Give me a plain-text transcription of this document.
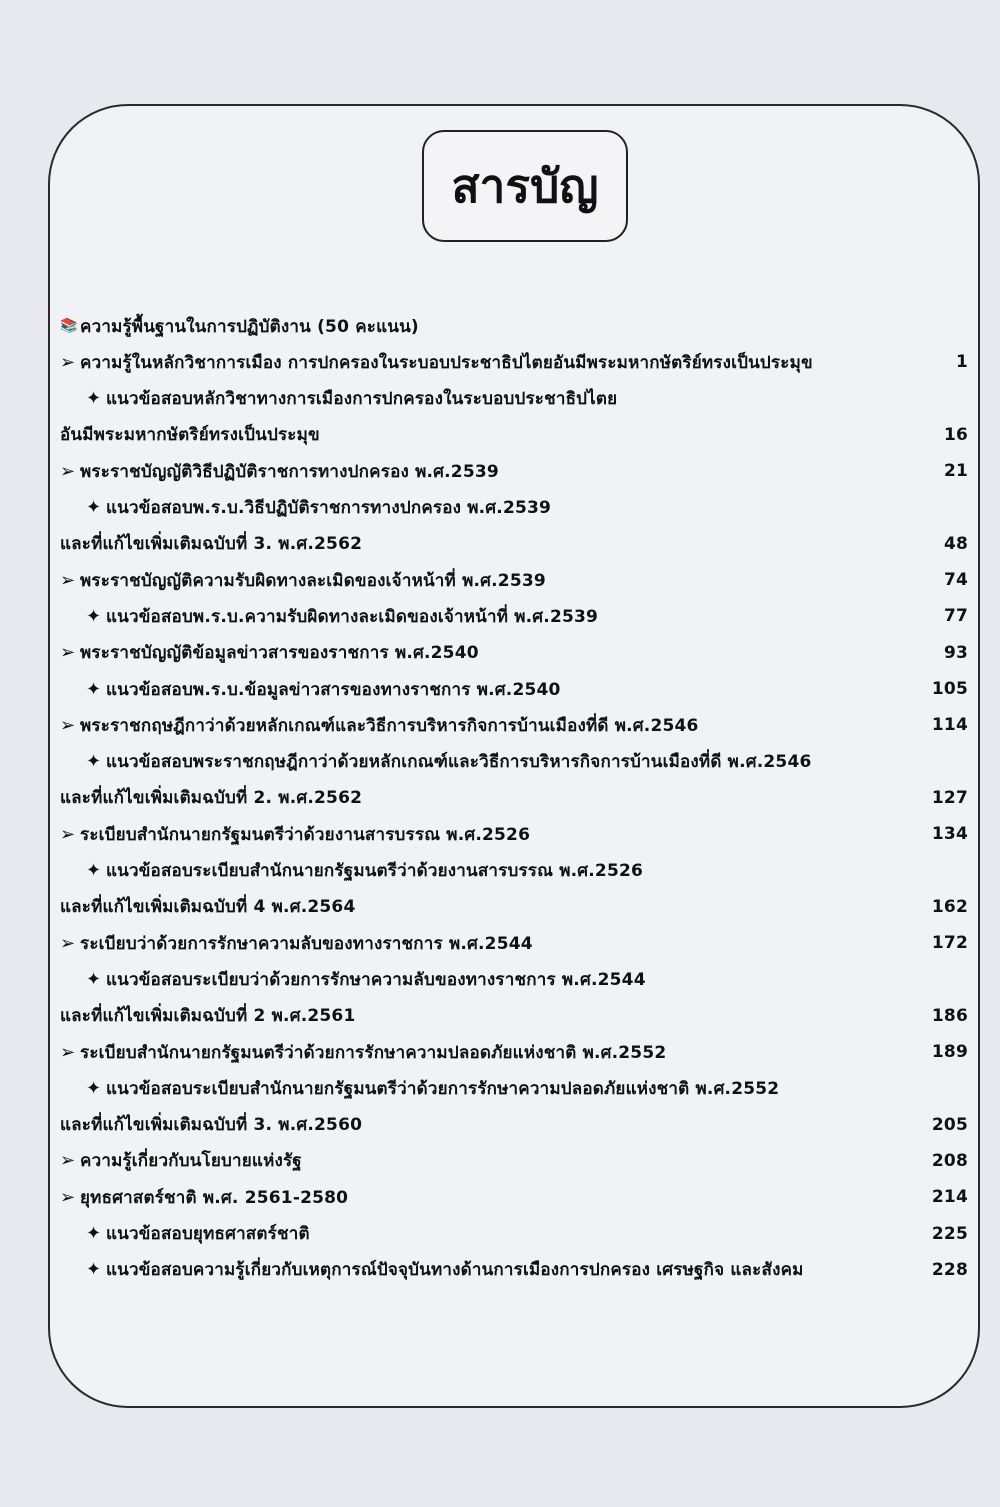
สารบัญ
📚 ความรู้พื้นฐานในการปฏิบัติงาน (50 คะแนน)
➢ ความรู้ในหลักวิชาการเมือง การปกครองในระบอบประชาธิปไตยอันมีพระมหากษัตริย์ทรงเป็นประมุข	1
✦ แนวข้อสอบหลักวิชาทางการเมืองการปกครองในระบอบประชาธิปไตย
อันมีพระมหากษัตริย์ทรงเป็นประมุข	16
➢ พระราชบัญญัติวิธีปฏิบัติราชการทางปกครอง พ.ศ.2539	21
✦ แนวข้อสอบพ.ร.บ.วิธีปฏิบัติราชการทางปกครอง พ.ศ.2539
และที่แก้ไขเพิ่มเติมฉบับที่ 3. พ.ศ.2562	48
➢ พระราชบัญญัติความรับผิดทางละเมิดของเจ้าหน้าที่ พ.ศ.2539	74
✦ แนวข้อสอบพ.ร.บ.ความรับผิดทางละเมิดของเจ้าหน้าที่ พ.ศ.2539	77
➢ พระราชบัญญัติข้อมูลข่าวสารของราชการ พ.ศ.2540	93
✦ แนวข้อสอบพ.ร.บ.ข้อมูลข่าวสารของทางราชการ พ.ศ.2540	105
➢ พระราชกฤษฎีกาว่าด้วยหลักเกณฑ์และวิธีการบริหารกิจการบ้านเมืองที่ดี พ.ศ.2546	114
✦ แนวข้อสอบพระราชกฤษฎีกาว่าด้วยหลักเกณฑ์และวิธีการบริหารกิจการบ้านเมืองที่ดี พ.ศ.2546
และที่แก้ไขเพิ่มเติมฉบับที่ 2. พ.ศ.2562	127
➢ ระเบียบสำนักนายกรัฐมนตรีว่าด้วยงานสารบรรณ พ.ศ.2526	134
✦ แนวข้อสอบระเบียบสำนักนายกรัฐมนตรีว่าด้วยงานสารบรรณ พ.ศ.2526
และที่แก้ไขเพิ่มเติมฉบับที่ 4 พ.ศ.2564	162
➢ ระเบียบว่าด้วยการรักษาความลับของทางราชการ พ.ศ.2544	172
✦ แนวข้อสอบระเบียบว่าด้วยการรักษาความลับของทางราชการ พ.ศ.2544
และที่แก้ไขเพิ่มเติมฉบับที่ 2 พ.ศ.2561	186
➢ ระเบียบสำนักนายกรัฐมนตรีว่าด้วยการรักษาความปลอดภัยแห่งชาติ พ.ศ.2552	189
✦ แนวข้อสอบระเบียบสำนักนายกรัฐมนตรีว่าด้วยการรักษาความปลอดภัยแห่งชาติ พ.ศ.2552
และที่แก้ไขเพิ่มเติมฉบับที่ 3. พ.ศ.2560	205
➢ ความรู้เกี่ยวกับนโยบายแห่งรัฐ	208
➢ ยุทธศาสตร์ชาติ พ.ศ. 2561-2580	214
✦ แนวข้อสอบยุทธศาสตร์ชาติ	225
✦ แนวข้อสอบความรู้เกี่ยวกับเหตุการณ์ปัจจุบันทางด้านการเมืองการปกครอง เศรษฐกิจ และสังคม	228
